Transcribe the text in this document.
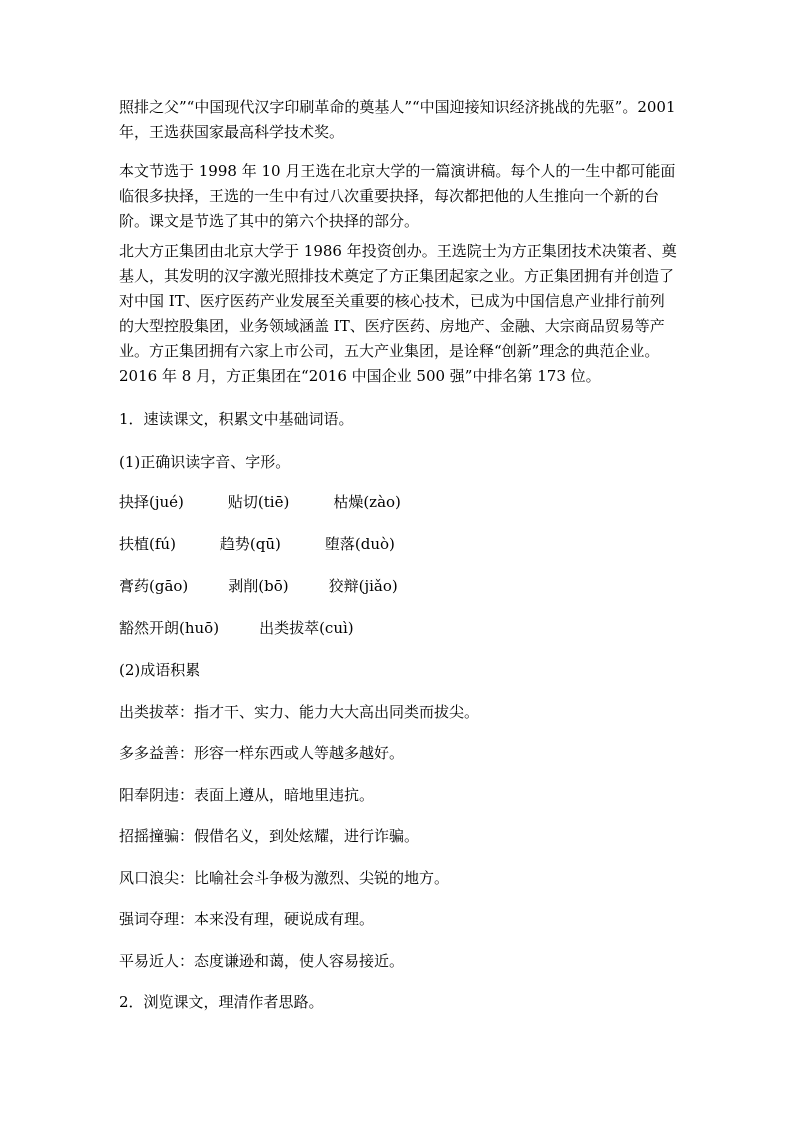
照排之父”“中国现代汉字印刷革命的奠基人”“中国迎接知识经济挑战的先驱”。2001 年，王选获国家最高科学技术奖。

本文节选于 1998 年 10 月王选在北京大学的一篇演讲稿。每个人的一生中都可能面临很多抉择，王选的一生中有过八次重要抉择，每次都把他的人生推向一个新的台阶。课文是节选了其中的第六个抉择的部分。

北大方正集团由北京大学于 1986 年投资创办。王选院士为方正集团技术决策者、奠基人，其发明的汉字激光照排技术奠定了方正集团起家之业。方正集团拥有并创造了对中国 IT、医疗医药产业发展至关重要的核心技术，已成为中国信息产业排行前列的大型控股集团，业务领域涵盖 IT、医疗医药、房地产、金融、大宗商品贸易等产业。方正集团拥有六家上市公司，五大产业集团，是诠释“创新”理念的典范企业。2016 年 8 月，方正集团在“2016 中国企业 500 强”中排名第 173 位。

1．速读课文，积累文中基础词语。

(1)正确识读字音、字形。

抉择(jué)	贴切(tiē)	枯燥(zào)
扶植(fú)	趋势(qū)	堕落(duò)
膏药(gāo)	剥削(bō)	狡辩(jiǎo)
豁然开朗(huō)	出类拔萃(cuì)

(2)成语积累

出类拔萃：指才干、实力、能力大大高出同类而拔尖。

多多益善：形容一样东西或人等越多越好。

阳奉阴违：表面上遵从，暗地里违抗。

招摇撞骗：假借名义，到处炫耀，进行诈骗。

风口浪尖：比喻社会斗争极为激烈、尖锐的地方。

强词夺理：本来没有理，硬说成有理。

平易近人：态度谦逊和蔼，使人容易接近。

2．浏览课文，理清作者思路。
